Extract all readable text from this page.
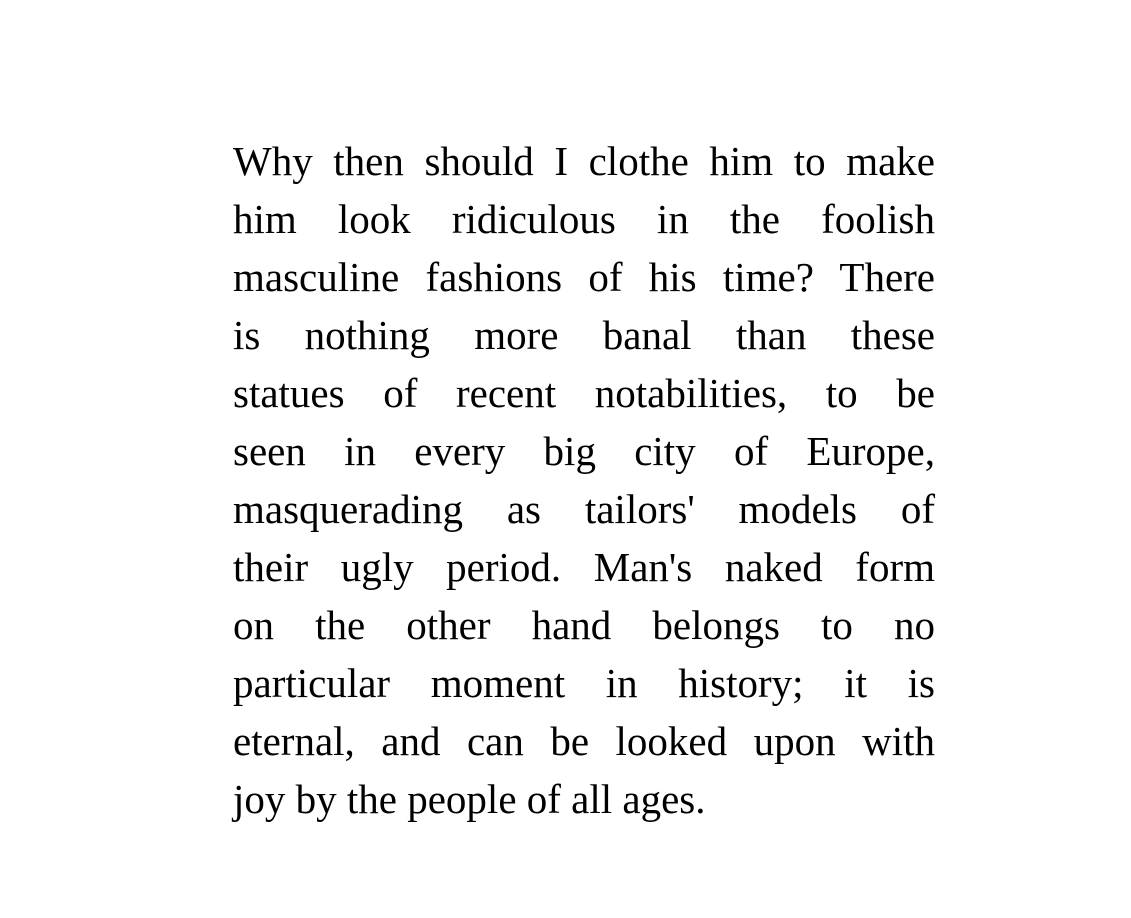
Why then should I clothe him to make
him look ridiculous in the foolish
masculine fashions of his time? There
is nothing more banal than these
statues of recent notabilities, to be
seen in every big city of Europe,
masquerading as tailors' models of
their ugly period. Man's naked form
on the other hand belongs to no
particular moment in history; it is
eternal, and can be looked upon with
joy by the people of all ages.
